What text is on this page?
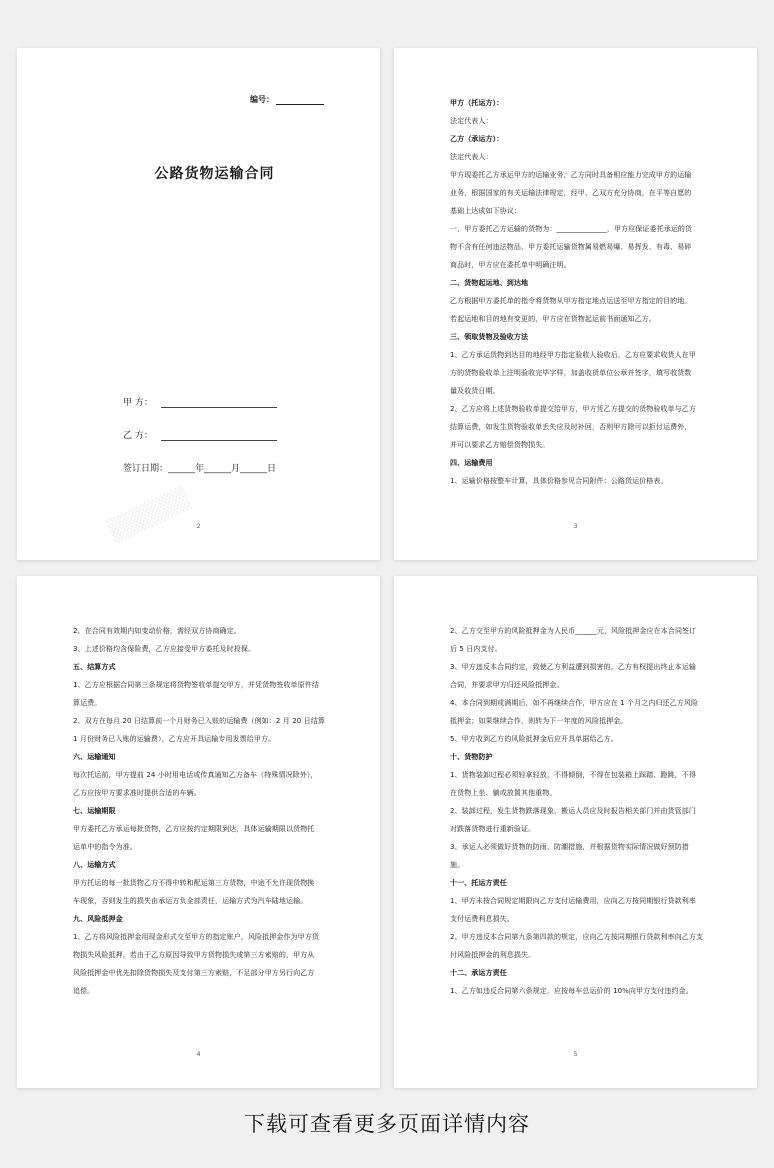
编号：
公路货物运输合同
甲 方：
乙 方：
签订日期：______年______月______日
▒▒▒▒▒ 2

甲方（托运方）：

法定代表人：

乙方（承运方）：

法定代表人：

甲方现委托乙方承运甲方的运输业务，乙方同时具备相应能力完成甲方的运输

业务，根据国家的有关运输法律规定，经甲、乙双方充分协商，在平等自愿的

基础上达成如下协议：

一、甲方委托乙方运输的货物为：______________，甲方应保证委托承运的货

物不含有任何违法物品，甲方委托运输货物属易燃易爆、易挥发、有毒、易碎

商品时，甲方应在委托单中明确注明。

二、货物起运地、到达地

乙方根据甲方委托单的指令将货物从甲方指定地点运送至甲方指定的目的地。

若起运地和目的地有变更的，甲方应在货物起运前书面通知乙方。

三、领取货物及验收方法

1、乙方承运货物到达目的地经甲方指定验收人验收后，乙方应要求收货人在甲

方的货物验收单上注明验收完毕字样，加盖收货单位公章并签字，填写收货数

量及收货日期。

2、乙方应将上述货物验收单提交给甲方，甲方凭乙方提交的货物验收单与乙方

结算运费，如发生货物验收单丢失应及时补回，否则甲方除可以拒付运费外，

并可以要求乙方赔偿货物损失。

四、运输费用

1、运输价格按整车计算，具体价格参见合同附件：公路货运价格表。

3

2、在合同有效期内如变动价格，需经双方协商确定。

3、上述价格均含保险费，乙方应接受甲方委托及时投保。

五、结算方式

1、乙方应根据合同第三条规定将货物签收单提交甲方，并凭货物签收单原件结

算运费。

2、双方在每月 20 日结算前一个月财务已入账的运输费（例如：2 月 20 日结算

1 月份财务已入账的运输费），乙方应开具运输专用发票给甲方。

六、运输通知

每次托运前，甲方提前 24 小时用电话或传真通知乙方备车（特殊情况除外），

乙方应按甲方要求准时提供合适的车辆。

七、运输期限

甲方委托乙方承运每批货物，乙方应按约定期限到达，具体运输期限以货物托

运单中的指令为准。

八、运输方式

甲方托运的每一批货物乙方不得中转和配运第三方货物，中途不允许现货物换

车现象，否则发生的损失由承运方负全部责任，运输方式为汽车陆地运输。

九、风险抵押金

1、乙方将风险抵押金用现金形式交至甲方的指定账户，风险抵押金作为甲方货

物损失风险抵押，若由于乙方原因导致甲方货物损失或第三方索赔的，甲方从

风险抵押金中优先扣除货物损失及支付第三方索赔，不足部分甲方另行向乙方

追偿。

4

2、乙方交至甲方的风险抵押金为人民币______元，风险抵押金应在本合同签订

后 5 日内支付。

3、甲方违反本合同约定，致使乙方利益遭到损害的，乙方有权提出终止本运输

合同，并要求甲方归还风险抵押金。

4、本合同到期或满期后，如不再继续合作，甲方应在 1 个月之内归还乙方风险

抵押金；如果继续合作，则转为下一年度的风险抵押金。

5、甲方收到乙方的风险抵押金后应开具单据给乙方。

十、货物防护

1、货物装卸过程必须轻拿轻放，不得倾倒，不得在包装箱上踩踏、蹬跳，不得

在货物上坐、躺或放置其他重物。

2、装卸过程，发生货物跌落现象，搬运人员应及时报告相关部门并由货管部门

对跌落货物进行重新验证。

3、承运人必须做好货物的防雨、防潮措施，并根据货物实际情况做好预防措

施。

十一、托运方责任

1、甲方未按合同规定期限向乙方支付运输费用，应向乙方按同期银行贷款利率

支付运费利息损失。

2、甲方违反本合同第九条第四款的规定，应向乙方按同期银行贷款利率向乙方支

付风险抵押金的利息损失。

十二、承运方责任

1、乙方如违反合同第六条规定，应按每车总运价的 10%向甲方支付违约金。

5
下载可查看更多页面详情内容
